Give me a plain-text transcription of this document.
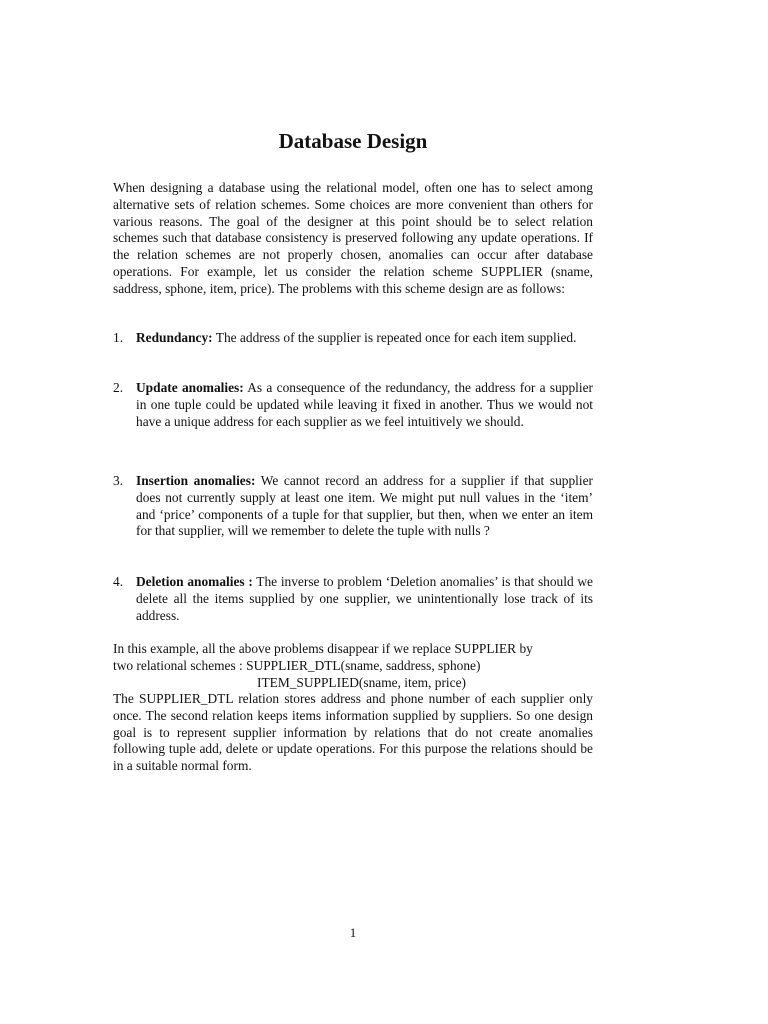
Database Design
When designing a database using the relational model, often one has to select among alternative sets of relation schemes. Some choices are more convenient than others for various reasons. The goal of the designer at this point should be to select relation schemes such that database consistency is preserved following any update operations. If the relation schemes are not properly chosen, anomalies can occur after database operations. For example, let us consider the relation scheme SUPPLIER (sname, saddress, sphone, item, price). The problems with this scheme design are as follows:
1. Redundancy: The address of the supplier is repeated once for each item supplied.
2. Update anomalies: As a consequence of the redundancy, the address for a supplier in one tuple could be updated while leaving it fixed in another. Thus we would not have a unique address for each supplier as we feel intuitively we should.
3. Insertion anomalies: We cannot record an address for a supplier if that supplier does not currently supply at least one item. We might put null values in the ‘item’ and ‘price’ components of a tuple for that supplier, but then, when we enter an item for that supplier, will we remember to delete the tuple with nulls ?
4. Deletion anomalies : The inverse to problem ‘Deletion anomalies’ is that should we delete all the items supplied by one supplier, we unintentionally lose track of its address.
In this example, all the above problems disappear if we replace SUPPLIER by
two relational schemes : SUPPLIER_DTL(sname, saddress, sphone)
ITEM_SUPPLIED(sname, item, price)
The SUPPLIER_DTL relation stores address and phone number of each supplier only once. The second relation keeps items information supplied by suppliers. So one design goal is to represent supplier information by relations that do not create anomalies following tuple add, delete or update operations. For this purpose the relations should be in a suitable normal form.
1
